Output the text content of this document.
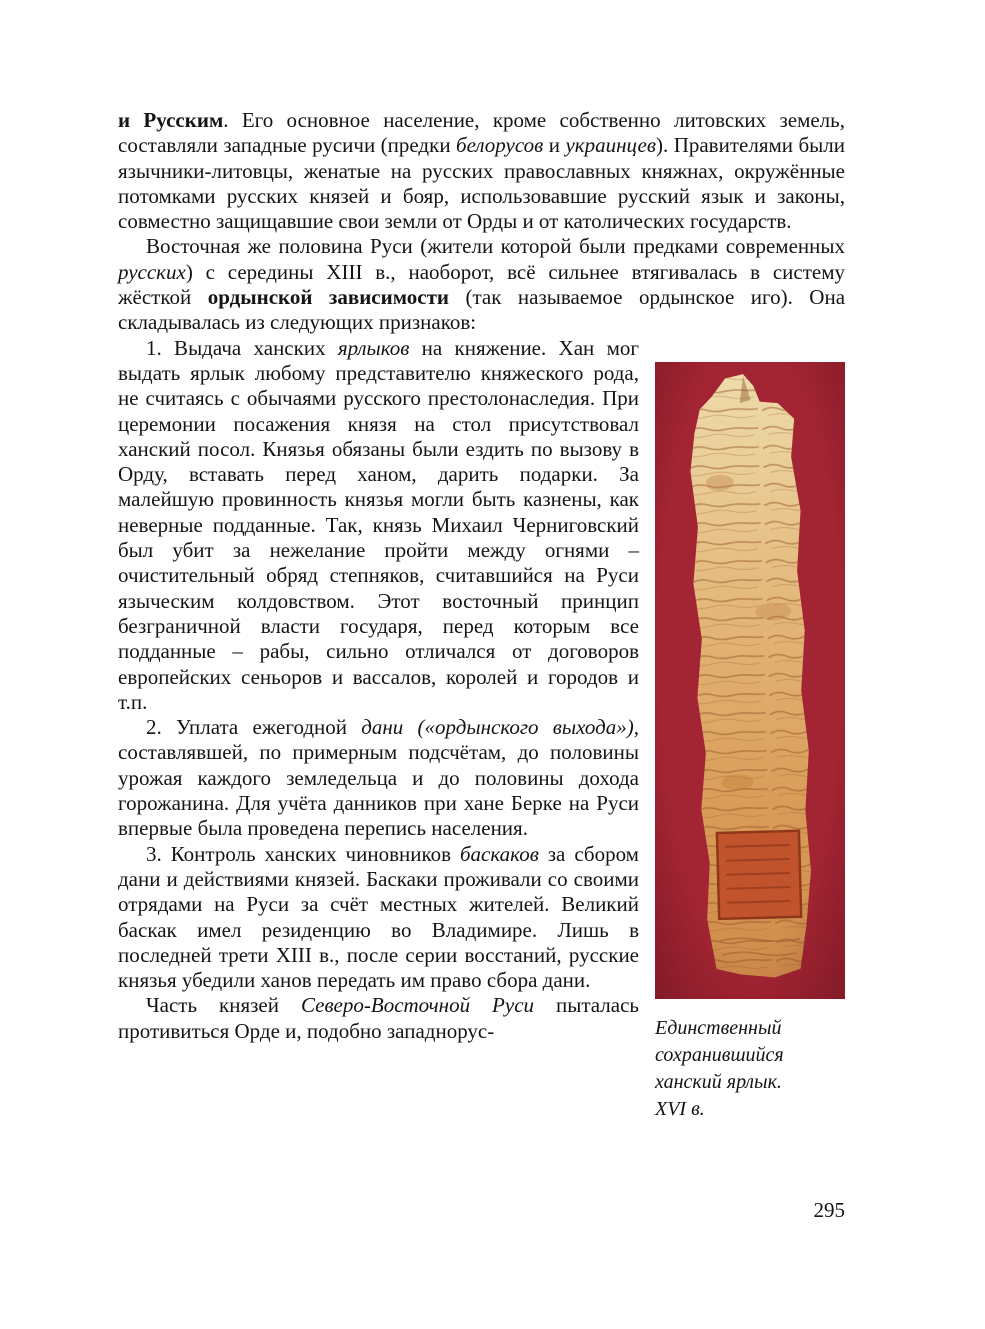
и Русским. Его основное население, кроме собственно литовских земель, составляли западные русичи (предки белорусов и украинцев). Правителями были язычники-литовцы, женатые на русских православных княжнах, окружённые потомками русских князей и бояр, использовавшие русский язык и законы, совместно защищавшие свои земли от Орды и от католических государств.

Восточная же половина Руси (жители которой были предками современных русских) с середины XIII в., наоборот, всё сильнее втягивалась в систему жёсткой ордынской зависимости (так называемое ордынское иго). Она складывалась из следующих признаков:

Единственный сохранившийся ханский ярлык. XVI в.

1. Выдача ханских ярлыков на княжение. Хан мог выдать ярлык любому представителю княжеского рода, не считаясь с обычаями русского престолонаследия. При церемонии посажения князя на стол присутствовал ханский посол. Князья обязаны были ездить по вызову в Орду, вставать перед ханом, дарить подарки. За малейшую провинность князья могли быть казнены, как неверные подданные. Так, князь Михаил Черниговский был убит за нежелание пройти между огнями – очистительный обряд степняков, считавшийся на Руси языческим колдовством. Этот восточный принцип безграничной власти государя, перед которым все подданные – рабы, сильно отличался от договоров европейских сеньоров и вассалов, королей и городов и т.п.

2. Уплата ежегодной дани («ордынского выхода»), составлявшей, по примерным подсчётам, до половины урожая каждого земледельца и до половины дохода горожанина. Для учёта данников при хане Берке на Руси впервые была проведена перепись населения.

3. Контроль ханских чиновников баскаков за сбором дани и действиями князей. Баскаки проживали со своими отрядами на Руси за счёт местных жителей. Великий баскак имел резиденцию во Владимире. Лишь в последней трети XIII в., после серии восстаний, русские князья убедили ханов передать им право сбора дани.

Часть князей Северо-Восточной Руси пыталась противиться Орде и, подобно западнорус-

295
